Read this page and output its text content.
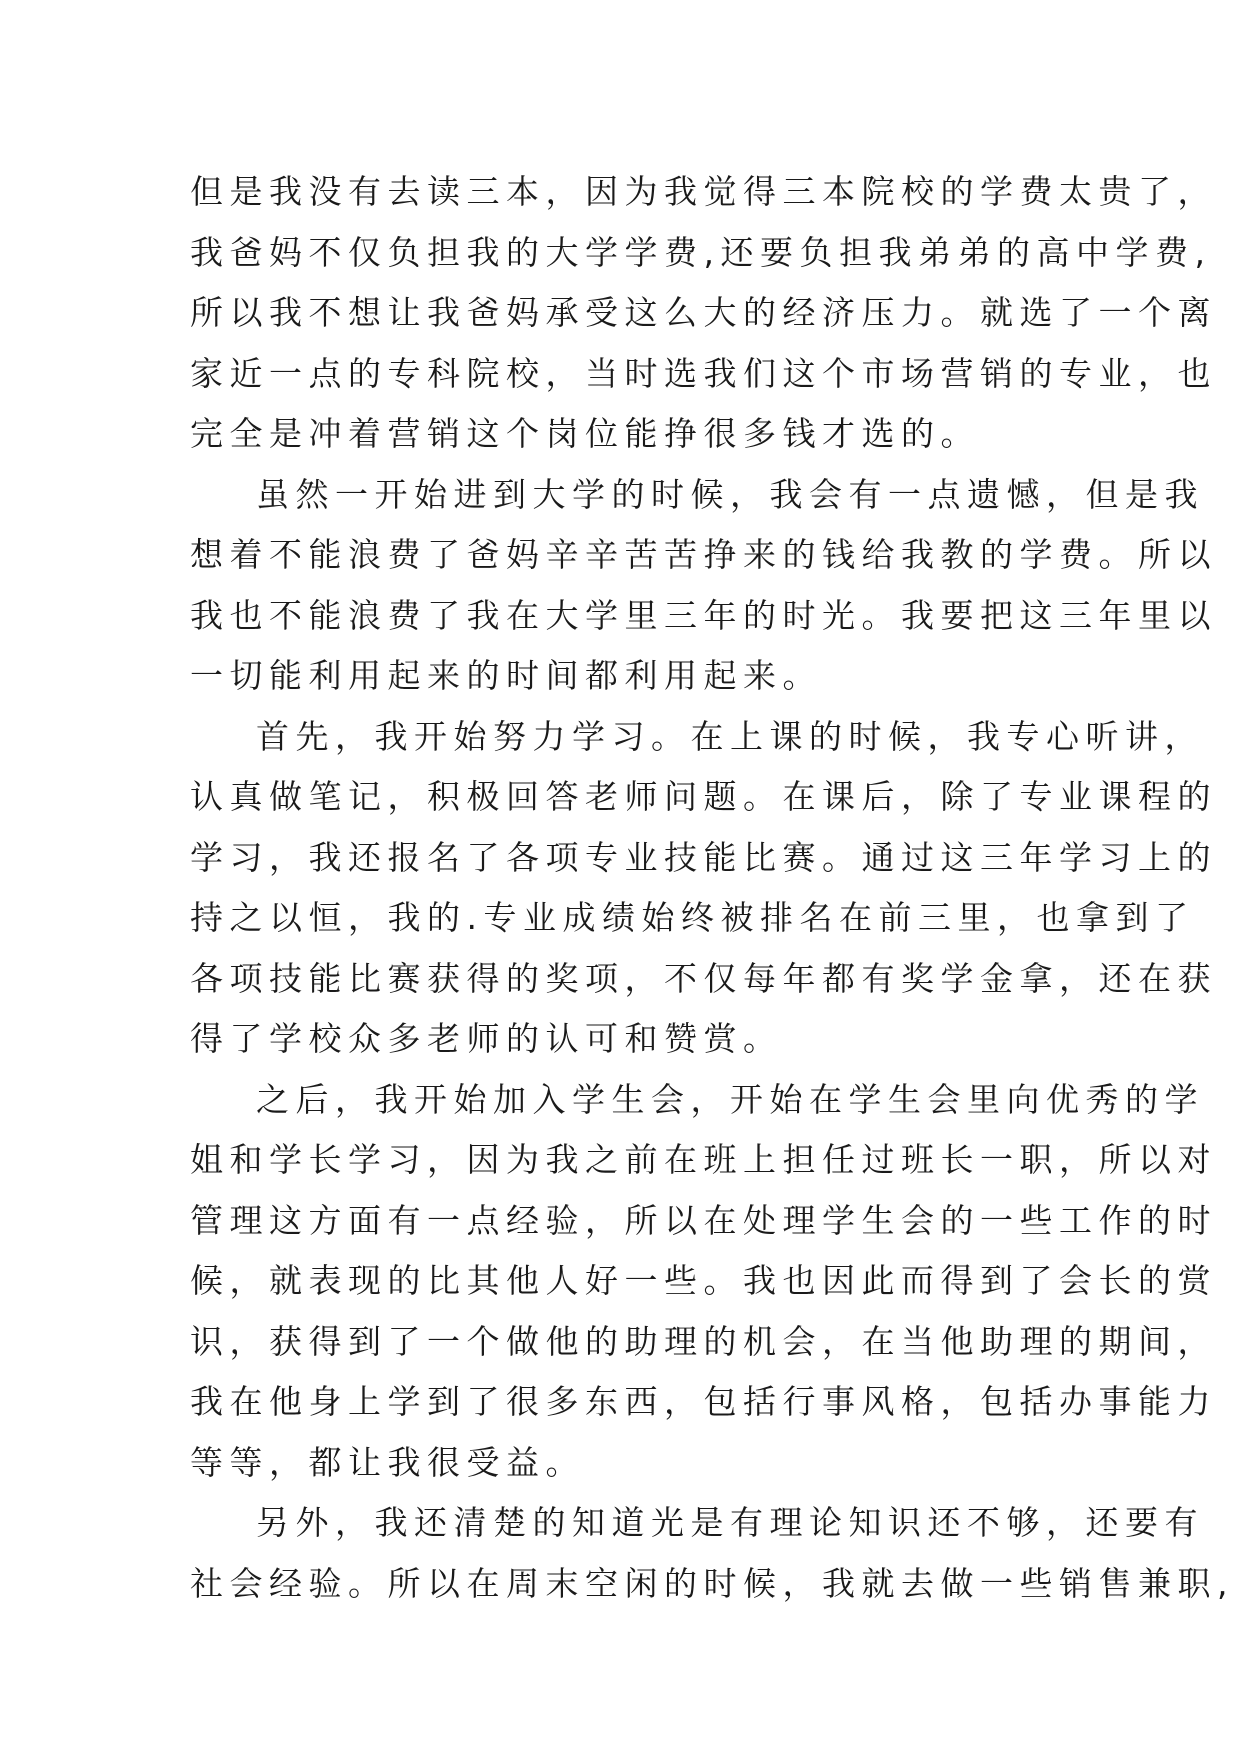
但是我没有去读三本，因为我觉得三本院校的学费太贵了，
我爸妈不仅负担我的大学学费,还要负担我弟弟的高中学费,
所以我不想让我爸妈承受这么大的经济压力。就选了一个离
家近一点的专科院校，当时选我们这个市场营销的专业，也
完全是冲着营销这个岗位能挣很多钱才选的。
虽然一开始进到大学的时候，我会有一点遗憾，但是我
想着不能浪费了爸妈辛辛苦苦挣来的钱给我教的学费。所以
我也不能浪费了我在大学里三年的时光。我要把这三年里以
一切能利用起来的时间都利用起来。
首先，我开始努力学习。在上课的时候，我专心听讲，
认真做笔记，积极回答老师问题。在课后，除了专业课程的
学习，我还报名了各项专业技能比赛。通过这三年学习上的
持之以恒，我的.专业成绩始终被排名在前三里，也拿到了
各项技能比赛获得的奖项，不仅每年都有奖学金拿，还在获
得了学校众多老师的认可和赞赏。
之后，我开始加入学生会，开始在学生会里向优秀的学
姐和学长学习，因为我之前在班上担任过班长一职，所以对
管理这方面有一点经验，所以在处理学生会的一些工作的时
候，就表现的比其他人好一些。我也因此而得到了会长的赏
识，获得到了一个做他的助理的机会，在当他助理的期间，
我在他身上学到了很多东西，包括行事风格，包括办事能力
等等，都让我很受益。
另外，我还清楚的知道光是有理论知识还不够，还要有
社会经验。所以在周末空闲的时候，我就去做一些销售兼职,
